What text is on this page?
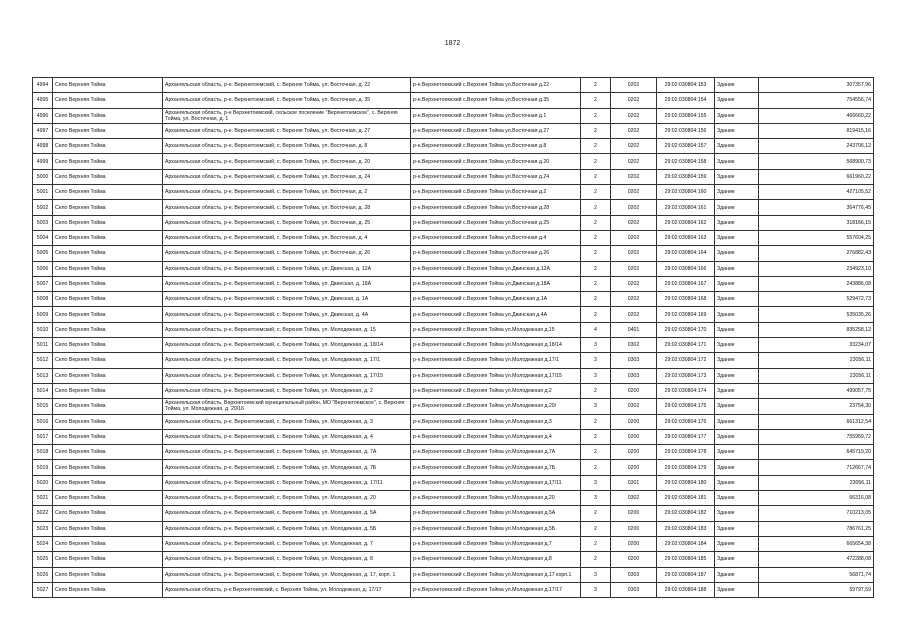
1872
4994	Село Верхняя Тойма	Архангельская область, р-н. Верхнетоемский, с. Верхняя Тойма, ул. Восточная, д. 22	р-н.Верхнетоемский с.Верхняя Тойма ул.Восточная д.22	2	0202	29:02:030804:153	Здание	307357,96
4995	Село Верхняя Тойма	Архангельская область, р-н. Верхнетоемский, с. Верхняя Тойма, ул. Восточная, д. 35	р-н.Верхнетоемский с.Верхняя Тойма ул.Восточная д.35	2	0202	29:02:030804:154	Здание	754556,74
4996	Село Верхняя Тойма	Архангельская область, р-н Верхнетоемский, сельское поселение "Верхнетоемское", с. Верхняя Тойма, ул. Восточная, д. 1	р-н.Верхнетоемский с.Верхняя Тойма ул.Восточная д.1	2	0202	29:02:030804:155	Здание	466660,22
4997	Село Верхняя Тойма	Архангельская область, р-н. Верхнетоемский, с. Верхняя Тойма, ул. Восточная, д. 27	р-н.Верхнетоемский с.Верхняя Тойма ул.Восточная д.27	2	0202	29:02:030804:156	Здание	819415,16
4998	Село Верхняя Тойма	Архангельская область, р-н. Верхнетоемский, с. Верхняя Тойма, ул. Восточная, д. 8	р-н.Верхнетоемский с.Верхняя Тойма ул.Восточная д.8	2	0202	29:02:030804:157	Здание	243706,12
4999	Село Верхняя Тойма	Архангельская область, р-н. Верхнетоемский, с. Верхняя Тойма, ул. Восточная, д. 20	р-н.Верхнетоемский с.Верхняя Тойма ул.Восточная д.20	2	0202	29:02:030804:158	Здание	568900,73
5000	Село Верхняя Тойма	Архангельская область, р-н. Верхнетоемский, с. Верхняя Тойма, ул. Восточная, д. 24	р-н.Верхнетоемский с.Верхняя Тойма ул.Восточная д.24	2	0202	29:02:030804:159	Здание	661960,22
5001	Село Верхняя Тойма	Архангельская область, р-н. Верхнетоемский, с. Верхняя Тойма, ул. Восточная, д. 2	р-н.Верхнетоемский с.Верхняя Тойма ул.Восточная д.2	2	0202	29:02:030804:160	Здание	427105,52
5002	Село Верхняя Тойма	Архангельская область, р-н. Верхнетоемский, с. Верхняя Тойма, ул. Восточная, д. 28	р-н.Верхнетоемский с.Верхняя Тойма ул.Восточная д.28	2	0202	29:02:030804:161	Здание	364776,45
5003	Село Верхняя Тойма	Архангельская область, р-н. Верхнетоемский, с. Верхняя Тойма, ул. Восточная, д. 25	р-н.Верхнетоемский с.Верхняя Тойма ул.Восточная д.25	2	0202	29:02:030804:162	Здание	318166,15
5004	Село Верхняя Тойма	Архангельская область, р-н. Верхнетоемский, с. Верхняя Тойма, ул. Восточная, д. 4	р-н.Верхнетоемский с.Верхняя Тойма ул.Восточная д.4	2	0202	29:02:030804:163	Здание	557604,25
5005	Село Верхняя Тойма	Архангельская область, р-н. Верхнетоемский, с. Верхняя Тойма, ул. Восточная, д. 26	р-н.Верхнетоемский с.Верхняя Тойма ул.Восточная д.26	2	0202	29:02:030804:164	Здание	276882,43
5006	Село Верхняя Тойма	Архангельская область, р-н. Верхнетоемский, с. Верхняя Тойма, ул. Двинская, д. 12А	р-н.Верхнетоемский с.Верхняя Тойма ул.Двинская д.12А	2	0202	29:02:030804:166	Здание	234923,10
5007	Село Верхняя Тойма	Архангельская область, р-н. Верхнетоемский, с. Верхняя Тойма, ул. Двинская, д. 18А	р-н.Верхнетоемский с.Верхняя Тойма ул.Двинская д.18А	2	0202	29:02:030804:167	Здание	243886,08
5008	Село Верхняя Тойма	Архангельская область, р-н. Верхнетоемский, с. Верхняя Тойма, ул. Двинская, д. 1А	р-н.Верхнетоемский с.Верхняя Тойма ул.Двинская д.1А	2	0202	29:02:030804:168	Здание	529472,73
5009	Село Верхняя Тойма	Архангельская область, р-н. Верхнетоемский, с. Верхняя Тойма, ул. Двинская, д. 4А	р-н.Верхнетоемский с.Верхняя Тойма ул.Двинская д.4А	2	0202	29:02:030804:169	Здание	535035,26
5010	Село Верхняя Тойма	Архангельская область, р-н. Верхнетоемский, с. Верхняя Тойма, ул. Молодежная, д. 15	р-н.Верхнетоемский с.Верхняя Тойма ул.Молодежная д.15	4	0401	29:02:030804:170	Здание	835258,12
5011	Село Верхняя Тойма	Архангельская область, р-н. Верхнетоемский, с. Верхняя Тойма, ул. Молодежная, д. 18/14	р-н.Верхнетоемский с.Верхняя Тойма ул.Молодежная д.18/14	3	0302	29:02:030804:171	Здание	33234,07
5012	Село Верхняя Тойма	Архангельская область, р-н. Верхнетоемский, с. Верхняя Тойма, ул. Молодежная, д. 17/1	р-н.Верхнетоемский с.Верхняя Тойма ул.Молодежная д.17/1	3	0303	29:02:030804:172	Здание	23056,11
5013	Село Верхняя Тойма	Архангельская область, р-н. Верхнетоемский, с. Верхняя Тойма, ул. Молодежная, д. 17/15	р-н.Верхнетоемский с.Верхняя Тойма ул.Молодежная д.17/15	3	0303	29:02:030804:173	Здание	23056,11
5014	Село Верхняя Тойма	Архангельская область, р-н. Верхнетоемский, с. Верхняя Тойма, ул. Молодежная, д. 2	р-н.Верхнетоемский с.Верхняя Тойма ул.Молодежная д.2	2	0200	29:02:030804:174	Здание	499057,75
5015	Село Верхняя Тойма	Архангельская область, Верхнетоемский муниципальный район, МО "Верхнетоемское", с. Верхняя Тойма, ул. Молодежная, д. 20/16	р-н.Верхнетоемский с.Верхняя Тойма ул.Молодежная д.20/	3	0302	29:02:030804:175	Здание	23754,30
5016	Село Верхняя Тойма	Архангельская область, р-н. Верхнетоемский, с. Верхняя Тойма, ул. Молодежная, д. 3	р-н.Верхнетоемский с.Верхняя Тойма ул.Молодежная д.3	2	0200	29:02:030804:176	Здание	661312,54
5017	Село Верхняя Тойма	Архангельская область, р-н. Верхнетоемский, с. Верхняя Тойма, ул. Молодежная, д. 4	р-н.Верхнетоемский с.Верхняя Тойма ул.Молодежная д.4	2	0200	29:02:030804:177	Здание	755959,72
5018	Село Верхняя Тойма	Архангельская область, р-н. Верхнетоемский, с. Верхняя Тойма, ул. Молодежная, д. 7А	р-н.Верхнетоемский с.Верхняя Тойма ул.Молодежная д.7А	2	0200	29:02:030804:178	Здание	645719,20
5019	Село Верхняя Тойма	Архангельская область, р-н. Верхнетоемский, с. Верхняя Тойма, ул. Молодежная, д. 7Б	р-н.Верхнетоемский с.Верхняя Тойма ул.Молодежная д.7Б	2	0200	29:02:030804:179	Здание	712667,74
5020	Село Верхняя Тойма	Архангельская область, р-н. Верхнетоемский, с. Верхняя Тойма, ул. Молодежная, д. 17/11	р-н.Верхнетоемский с.Верхняя Тойма ул.Молодежная д.17/11	3	0301	29:02:030804:180	Здание	23056,11
5021	Село Верхняя Тойма	Архангельская область, р-н. Верхнетоемский, с. Верхняя Тойма, ул. Молодежная, д. 20	р-н.Верхнетоемский с.Верхняя Тойма ул.Молодежная д.20	3	0302	29:02:030804:181	Здание	66316,08
5022	Село Верхняя Тойма	Архангельская область, р-н. Верхнетоемский, с. Верхняя Тойма, ул. Молодежная, д. 5А	р-н.Верхнетоемский с.Верхняя Тойма ул.Молодежная д.5А	2	0200	29:02:030804:182	Здание	710213,05
5023	Село Верхняя Тойма	Архангельская область, р-н. Верхнетоемский, с. Верхняя Тойма, ул. Молодежная, д. 5Б	р-н.Верхнетоемский с.Верхняя Тойма ул.Молодежная д.5Б	2	0200	29:02:030804:183	Здание	786761,25
5024	Село Верхняя Тойма	Архангельская область, р-н. Верхнетоемский, с. Верхняя Тойма, ул. Молодежная, д. 7	р-н.Верхнетоемский с.Верхняя Тойма ул.Молодежная д.7	2	0200	29:02:030804:184	Здание	665654,38
5025	Село Верхняя Тойма	Архангельская область, р-н. Верхнетоемский, с. Верхняя Тойма, ул. Молодежная, д. 8	р-н.Верхнетоемский с.Верхняя Тойма ул.Молодежная д.8	2	0200	29:02:030804:185	Здание	472288,08
5026	Село Верхняя Тойма	Архангельская область, р-н. Верхнетоемский, с. Верхняя Тойма, ул. Молодежная, д. 17, корп. 1	р-н.Верхнетоемский с.Верхняя Тойма ул.Молодежная д.17 корп.1	3	0303	29:02:030804:187	Здание	56871,74
5027	Село Верхняя Тойма	Архангельская область, р-н Верхнетоемский, с. Верхняя Тойма, ул. Молодежная, д. 17/17	р-н.Верхнетоемский с.Верхняя Тойма ул.Молодежная д.17/17	3	0303	29:02:030804:188	Здание	59797,59
